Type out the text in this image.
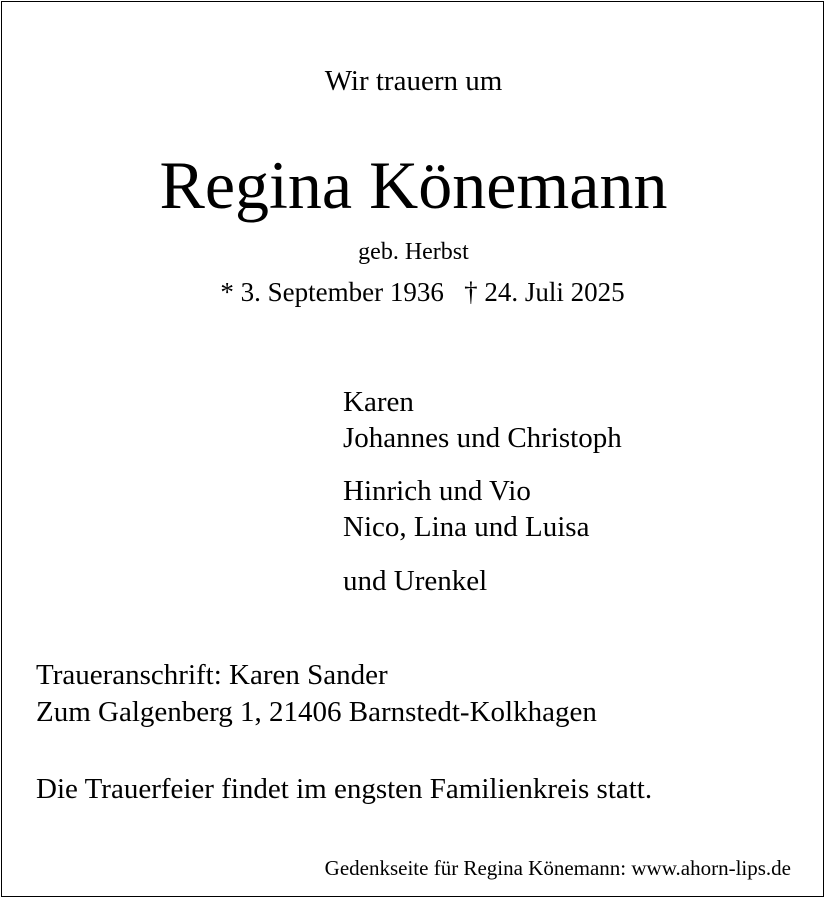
Wir trauern um
Regina Könemann
geb. Herbst
* 3. September 1936 † 24. Juli 2025
Karen
Johannes und Christoph
Hinrich und Vio
Nico, Lina und Luisa
und Urenkel
Traueranschrift: Karen Sander
Zum Galgenberg 1, 21406 Barnstedt-Kolkhagen
Die Trauerfeier findet im engsten Familienkreis statt.
Gedenkseite für Regina Könemann: www.ahorn-lips.de
